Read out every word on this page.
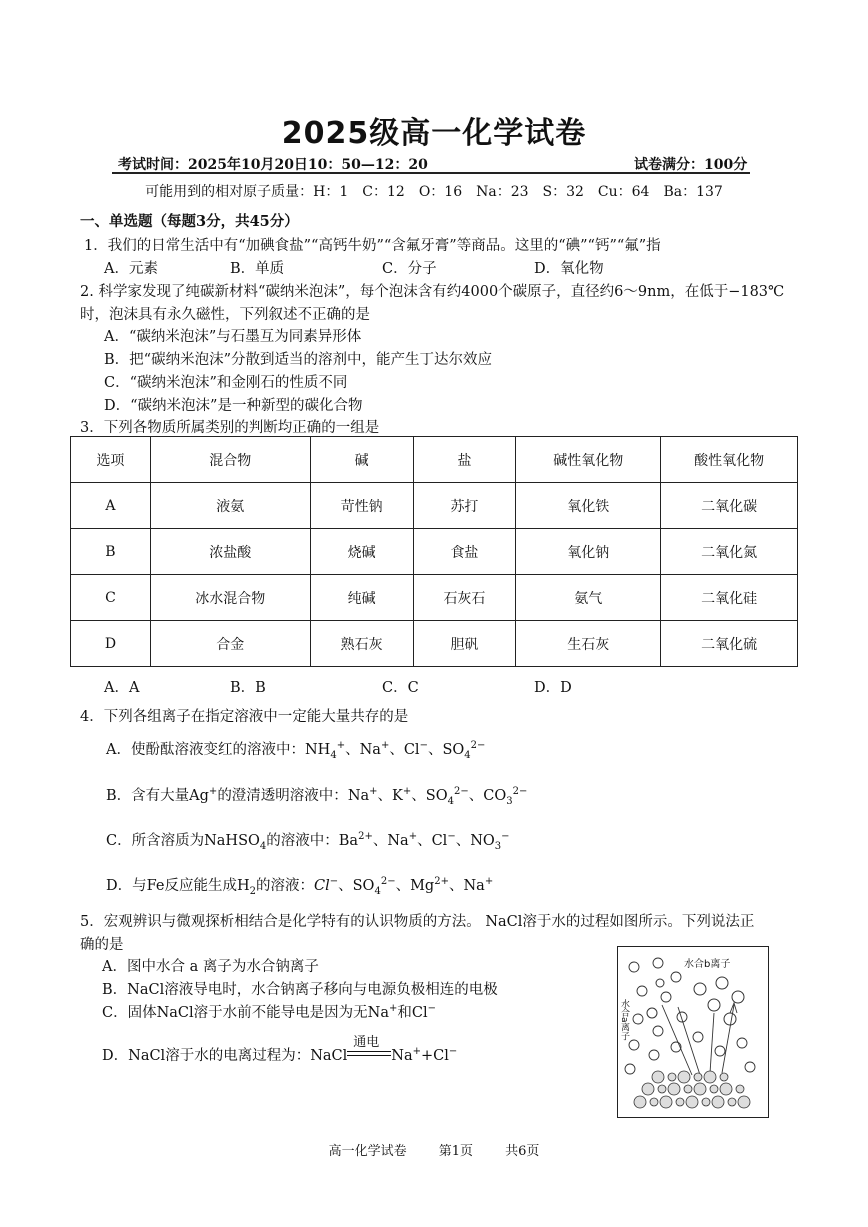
2025级高一化学试卷
考试时间：2025年10月20日10：50—12：20	试卷满分：100分
可能用到的相对原子质量：H：1　C：12　O：16　Na：23　S：32　Cu：64　Ba：137
一、单选题（每题3分，共45分）
1．我们的日常生活中有“加碘食盐”“高钙牛奶”“含氟牙膏”等商品。这里的“碘”“钙”“氟”指
A．元素	B．单质	C．分子	D．氧化物
2. 科学家发现了纯碳新材料“碳纳米泡沫”，每个泡沫含有约4000个碳原子，直径约6～9nm，在低于−183℃
时，泡沫具有永久磁性，下列叙述不正确的是
A．“碳纳米泡沫”与石墨互为同素异形体
B．把“碳纳米泡沫”分散到适当的溶剂中，能产生丁达尔效应
C．“碳纳米泡沫”和金刚石的性质不同
D．“碳纳米泡沫”是一种新型的碳化合物
3．下列各物质所属类别的判断均正确的一组是
选项	混合物	碱	盐	碱性氧化物	酸性氧化物
A	液氨	苛性钠	苏打	氧化铁	二氧化碳
B	浓盐酸	烧碱	食盐	氧化钠	二氧化氮
C	冰水混合物	纯碱	石灰石	氨气	二氧化硅
D	合金	熟石灰	胆矾	生石灰	二氧化硫
A．A	B．B	C．C	D．D
4．下列各组离子在指定溶液中一定能大量共存的是
A．使酚酞溶液变红的溶液中：$NH_4^+$、Na+、Cl−、$SO_4^{2-}$
B．含有大量Ag+的澄清透明溶液中：Na+、K+、$SO_4^{2-}$、$CO_3^{2-}$
C．所含溶质为NaHSO$_4$的溶液中：$Ba^{2+}$、Na+、Cl−、$NO_3^-$
D．与Fe反应能生成$H_2$的溶液：Cl−、$SO_4^{2-}$、$Mg^{2+}$、Na+
5．宏观辨识与微观探析相结合是化学特有的认识物质的方法。 NaCl溶于水的过程如图所示。下列说法正
确的是
A．图中水合 a 离子为水合钠离子
B．NaCl溶液导电时，水合钠离子移向与电源负极相连的电极
C．固体NaCl溶于水前不能导电是因为无Na+和Cl−
D．NaCl溶于水的电离过程为：NaCl
通电
Na++Cl−
水合b离子
水合a离子
高一化学试卷 第1页 共6页
